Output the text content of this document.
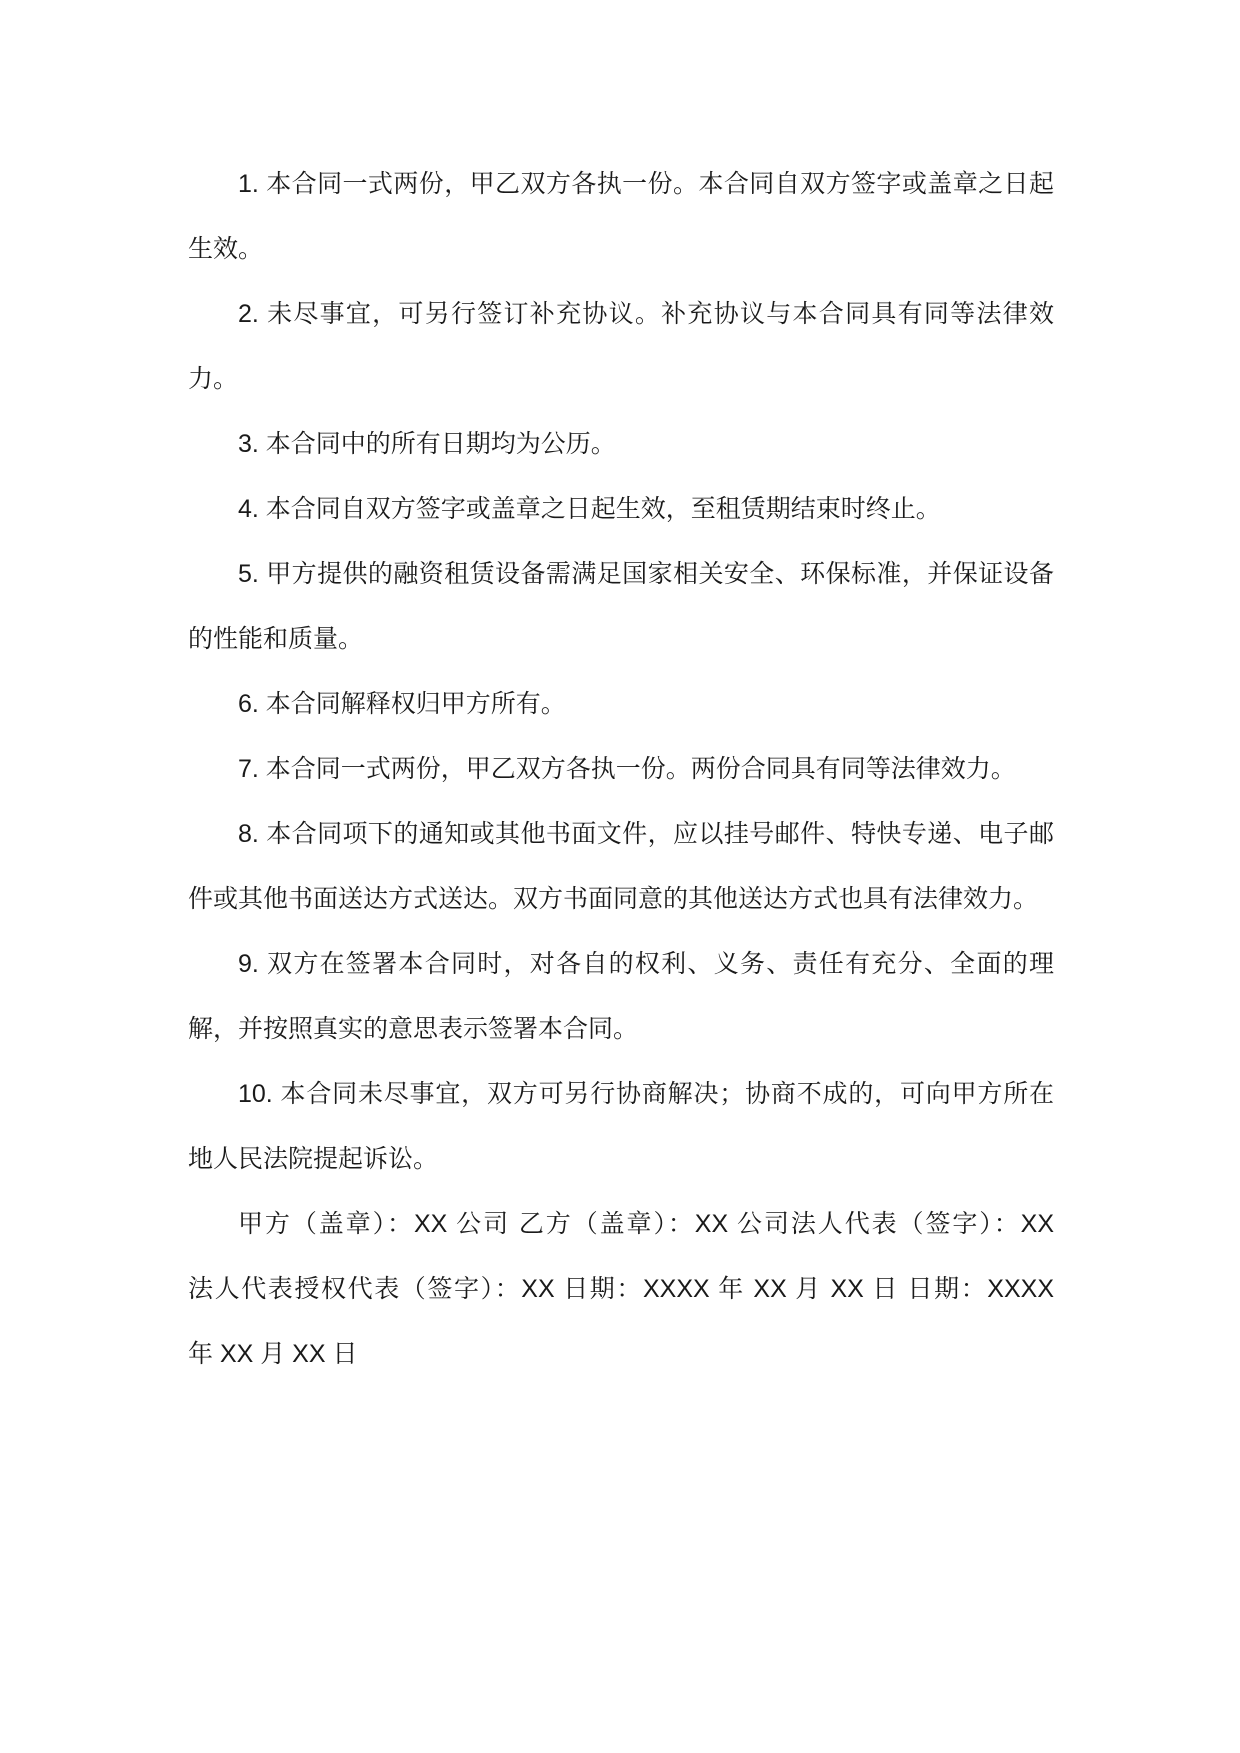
1. 本合同一式两份，甲乙双方各执一份。本合同自双方签字或盖章之日起
生效。
2. 未尽事宜，可另行签订补充协议。补充协议与本合同具有同等法律效
力。
3. 本合同中的所有日期均为公历。
4. 本合同自双方签字或盖章之日起生效，至租赁期结束时终止。
5. 甲方提供的融资租赁设备需满足国家相关安全、环保标准，并保证设备
的性能和质量。
6. 本合同解释权归甲方所有。
7. 本合同一式两份，甲乙双方各执一份。两份合同具有同等法律效力。
8. 本合同项下的通知或其他书面文件，应以挂号邮件、特快专递、电子邮
件或其他书面送达方式送达。双方书面同意的其他送达方式也具有法律效力。
9. 双方在签署本合同时，对各自的权利、义务、责任有充分、全面的理
解，并按照真实的意思表示签署本合同。
10. 本合同未尽事宜，双方可另行协商解决；协商不成的，可向甲方所在
地人民法院提起诉讼。
甲方（盖章）：XX 公司 乙方（盖章）：XX 公司法人代表（签字）：XX
法人代表授权代表（签字）：XX 日期：XXXX 年 XX 月 XX 日 日期：XXXX
年 XX 月 XX 日
